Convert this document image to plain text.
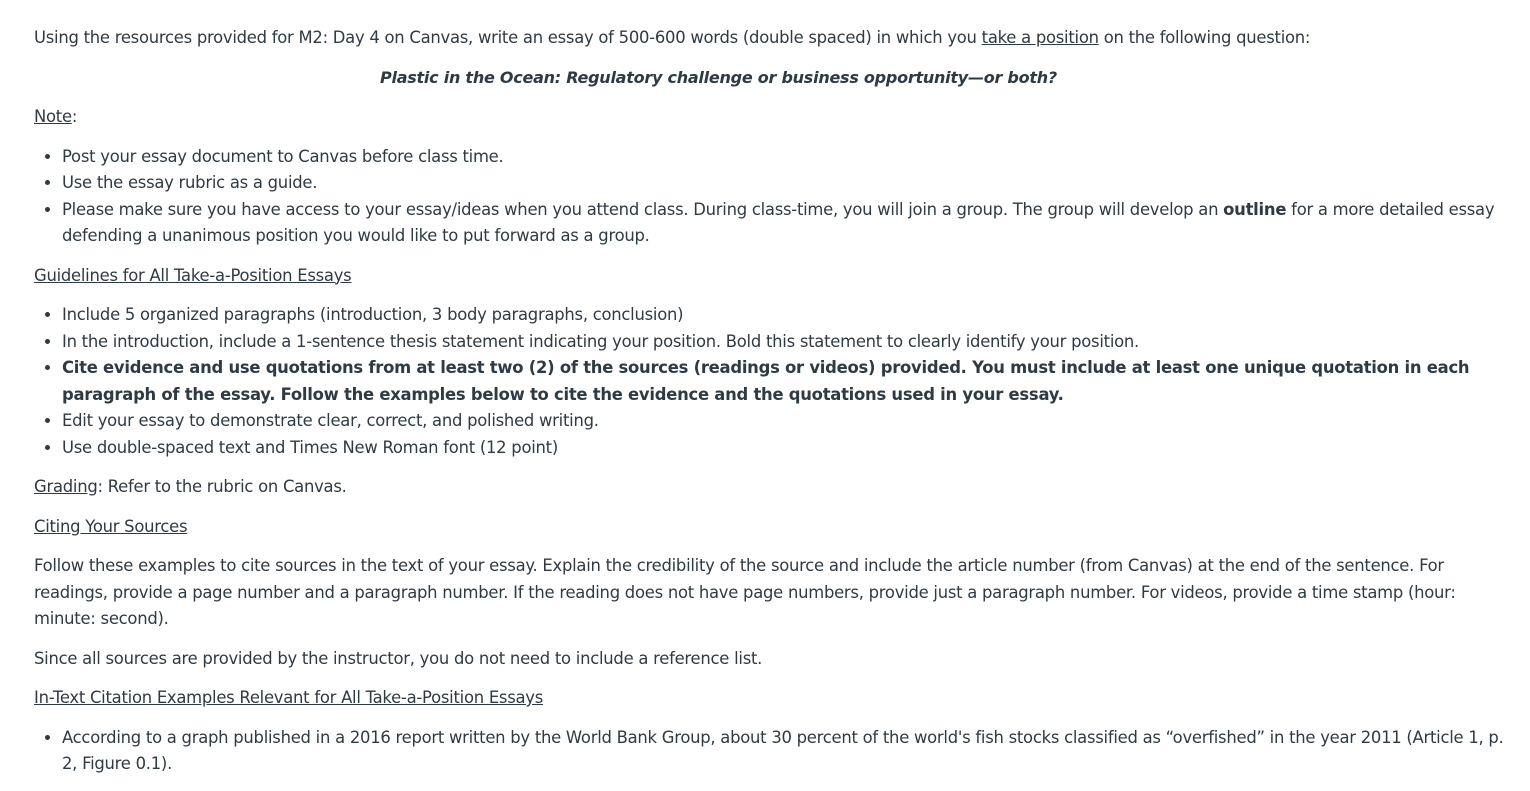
Using the resources provided for M2: Day 4 on Canvas, write an essay of 500-600 words (double spaced) in which you take a position on the following question:

Plastic in the Ocean: Regulatory challenge or business opportunity—or both?

Note:

• Post your essay document to Canvas before class time.
• Use the essay rubric as a guide.
• Please make sure you have access to your essay/ideas when you attend class. During class-time, you will join a group. The group will develop an outline for a more detailed essay defending a unanimous position you would like to put forward as a group.

Guidelines for All Take-a-Position Essays

• Include 5 organized paragraphs (introduction, 3 body paragraphs, conclusion)
• In the introduction, include a 1-sentence thesis statement indicating your position. Bold this statement to clearly identify your position.
• Cite evidence and use quotations from at least two (2) of the sources (readings or videos) provided. You must include at least one unique quotation in each paragraph of the essay. Follow the examples below to cite the evidence and the quotations used in your essay.
• Edit your essay to demonstrate clear, correct, and polished writing.
• Use double-spaced text and Times New Roman font (12 point)

Grading: Refer to the rubric on Canvas.

Citing Your Sources

Follow these examples to cite sources in the text of your essay. Explain the credibility of the source and include the article number (from Canvas) at the end of the sentence. For readings, provide a page number and a paragraph number. If the reading does not have page numbers, provide just a paragraph number. For videos, provide a time stamp (hour: minute: second).

Since all sources are provided by the instructor, you do not need to include a reference list.

In-Text Citation Examples Relevant for All Take-a-Position Essays

• According to a graph published in a 2016 report written by the World Bank Group, about 30 percent of the world's fish stocks classified as “overfished” in the year 2011 (Article 1, p. 2, Figure 0.1).
